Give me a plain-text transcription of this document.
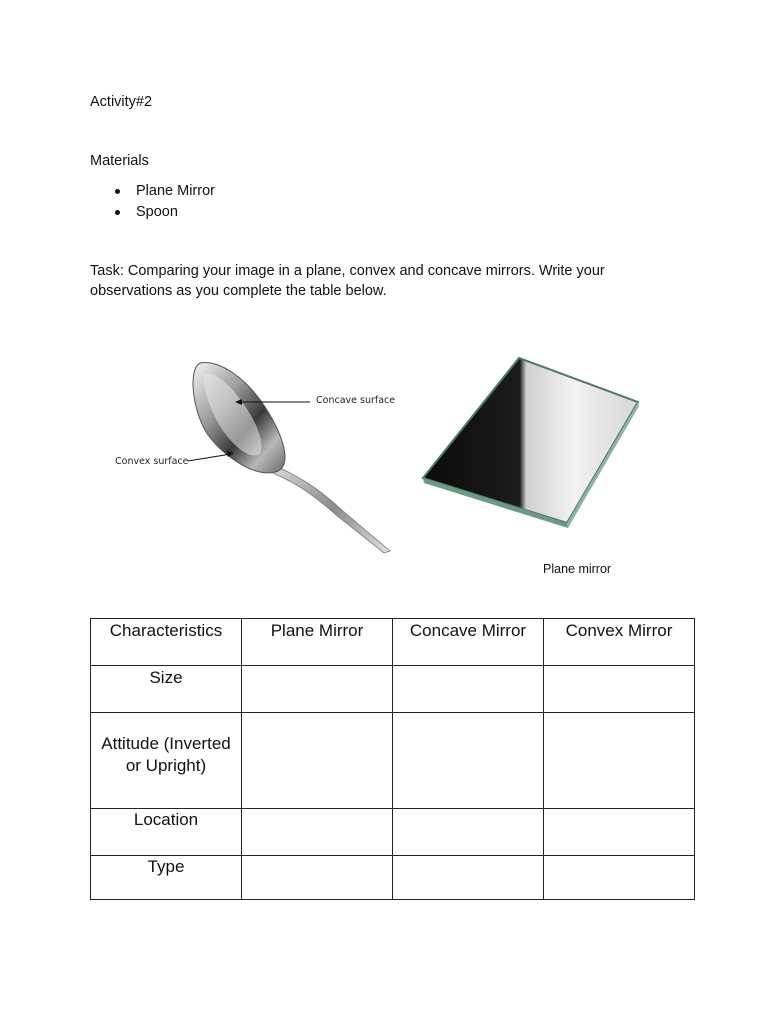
Activity#2
Materials
Plane Mirror
Spoon
Task: Comparing your image in a plane, convex and concave mirrors. Write your observations as you complete the table below.
Concave surface
Convex surface
Plane mirror
Characteristics	Plane Mirror	Concave Mirror	Convex Mirror
Size			
Attitude (Inverted or Upright)			
Location			
Type			
